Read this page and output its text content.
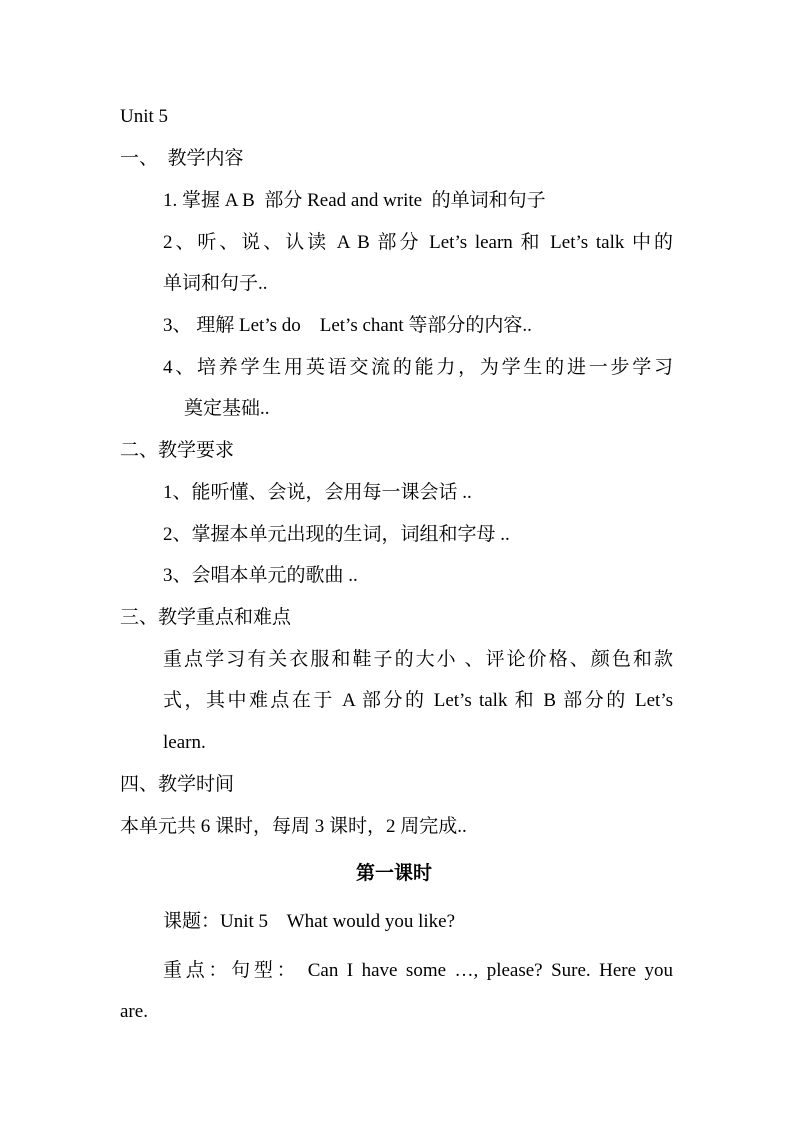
Unit 5
一、  教学内容
1. 掌握 A B  部分 Read and write  的单词和句子
2、听、说、认读 A B 部分 Let’s learn 和 Let’s talk 中的
单词和句子..
3、 理解 Let’s do    Let’s chant 等部分的内容..
4、培养学生用英语交流的能力，为学生的进一步学习
奠定基础..
二、教学要求
1、能听懂、会说，会用每一课会话 ..
2、掌握本单元出现的生词，词组和字母 ..
3、会唱本单元的歌曲 ..
三、教学重点和难点
重点学习有关衣服和鞋子的大小 、评论价格、颜色和款
式，其中难点在于 A 部分的 Let’s talk 和 B 部分的 Let’s
learn.
四、教学时间
本单元共 6 课时，每周 3 课时，2 周完成..
第一课时
课题：Unit 5    What would you like?
重点：句型： Can I have some …, please? Sure. Here you
are.
